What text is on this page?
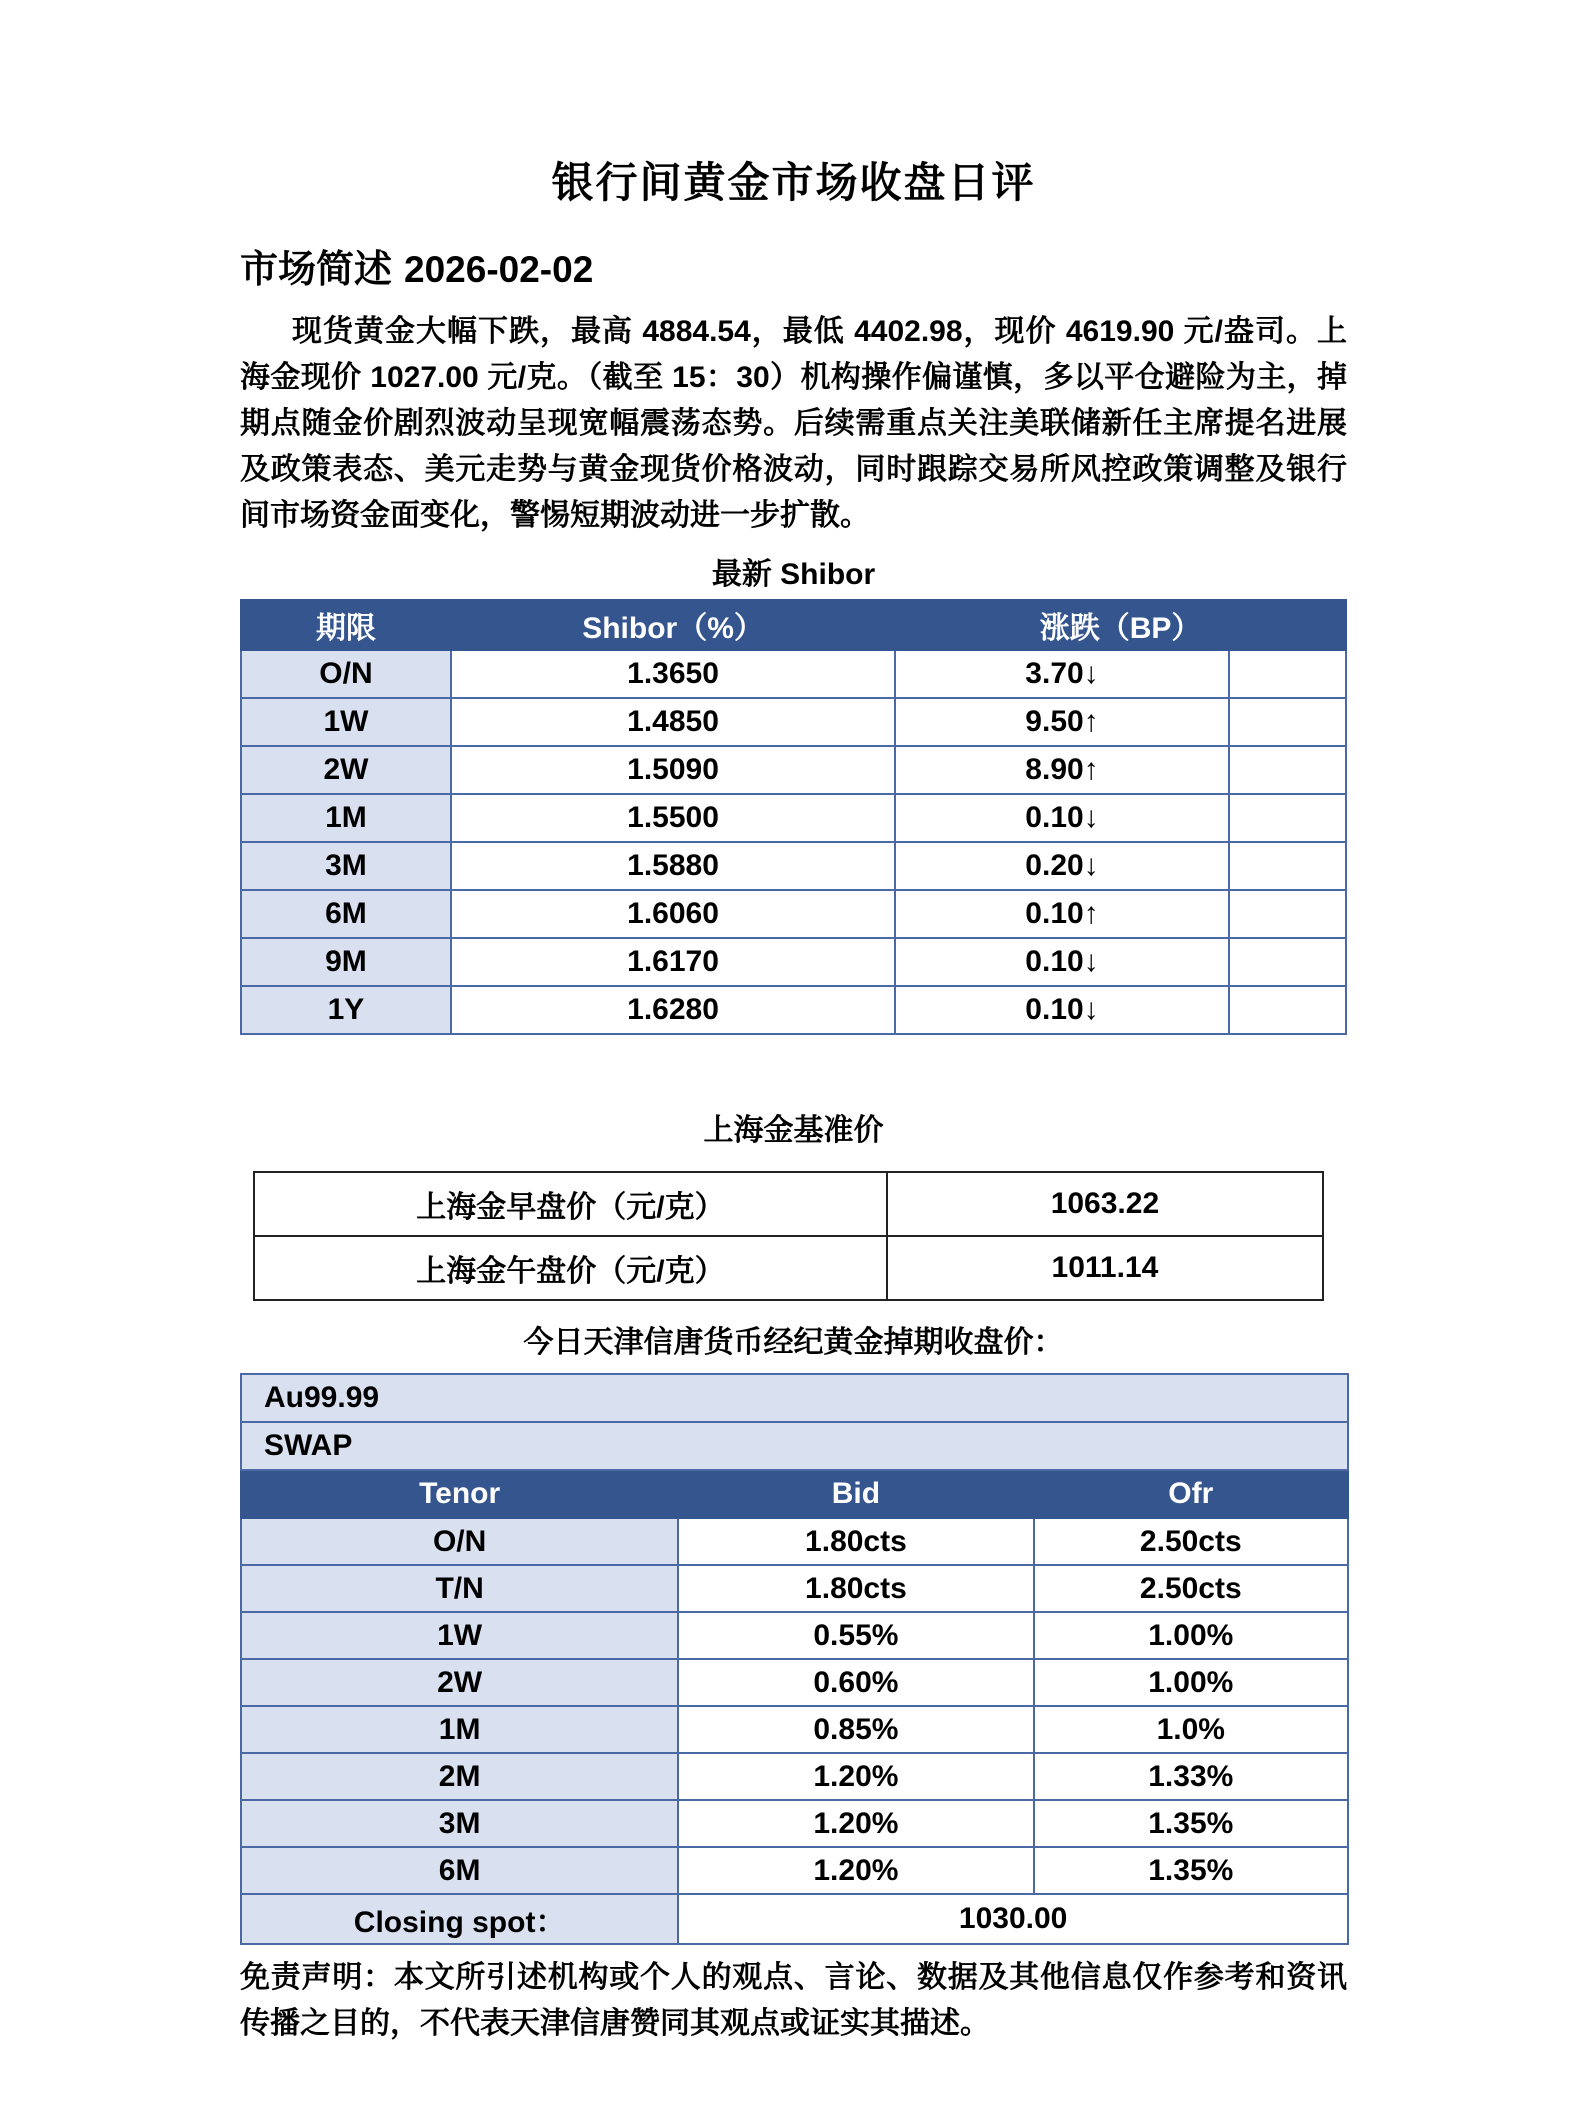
银行间黄金市场收盘日评
市场简述 2026-02-02

现货黄金大幅下跌，最高 4884.54，最低 4402.98，现价 4619.90 元/盎司。上海金现价 1027.00 元/克。（截至 15：30）机构操作偏谨慎，多以平仓避险为主，掉期点随金价剧烈波动呈现宽幅震荡态势。后续需重点关注美联储新任主席提名进展及政策表态、美元走势与黄金现货价格波动，同时跟踪交易所风控政策调整及银行间市场资金面变化，警惕短期波动进一步扩散。

最新 Shibor
期限	Shibor（%）	涨跌（BP）	
O/N	1.3650	3.70↓	
1W	1.4850	9.50↑	
2W	1.5090	8.90↑	
1M	1.5500	0.10↓	
3M	1.5880	0.20↓	
6M	1.6060	0.10↑	
9M	1.6170	0.10↓	
1Y	1.6280	0.10↓	
上海金基准价
上海金早盘价（元/克）	1063.22
上海金午盘价（元/克）	1011.14
今日天津信唐货币经纪黄金掉期收盘价：
Au99.99		
SWAP		
Tenor	Bid	Ofr
O/N	1.80cts	2.50cts
T/N	1.80cts	2.50cts
1W	0.55%	1.00%
2W	0.60%	1.00%
1M	0.85%	1.0%
2M	1.20%	1.33%
3M	1.20%	1.35%
6M	1.20%	1.35%
Closing spot：	1030.00	

免责声明：本文所引述机构或个人的观点、言论、数据及其他信息仅作参考和资讯传播之目的，不代表天津信唐赞同其观点或证实其描述。
